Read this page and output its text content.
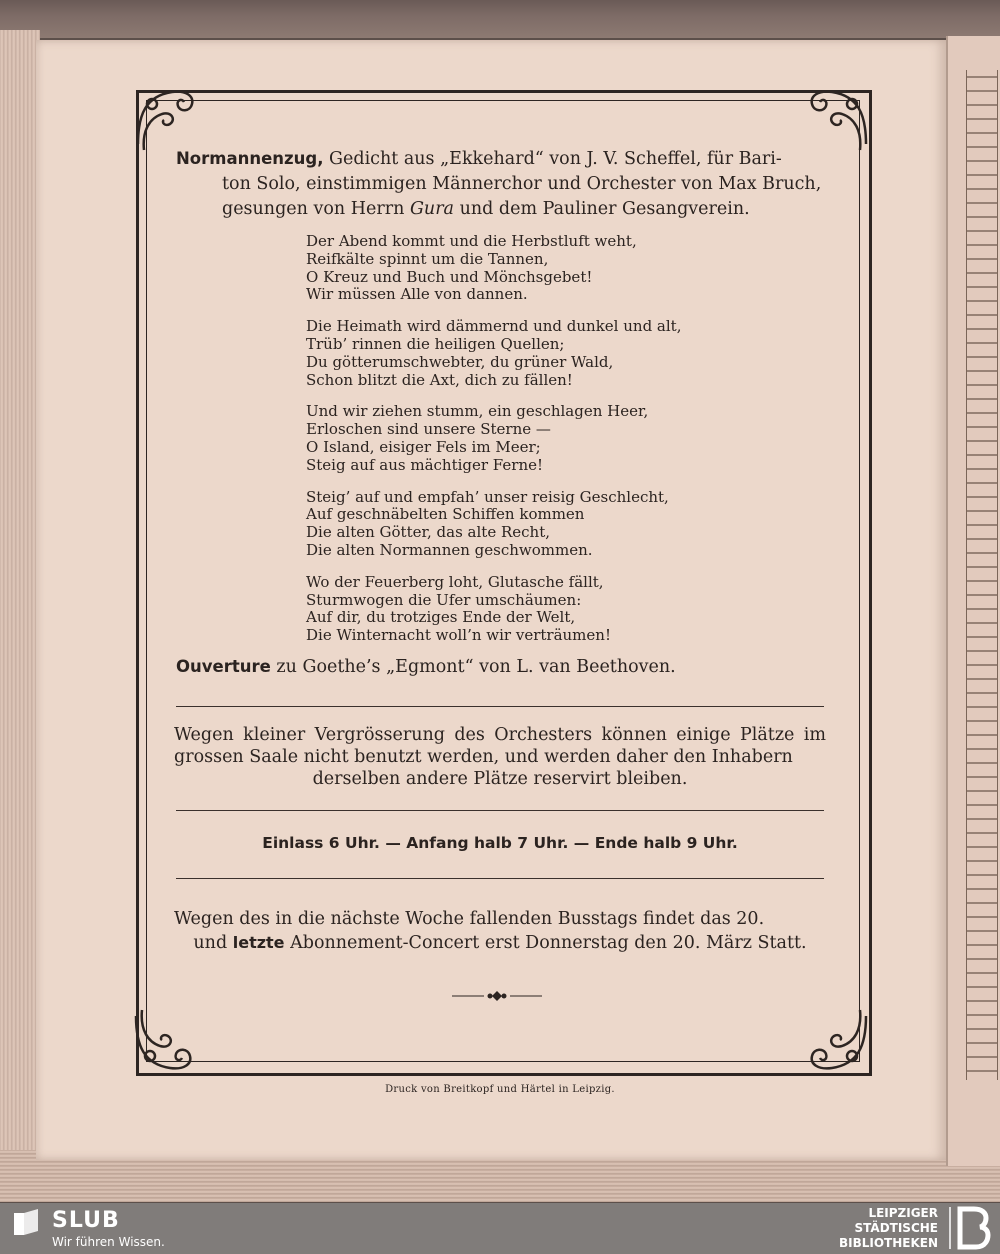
Normannenzug, Gedicht aus „Ekkehard“ von J. V. Scheffel, für Bari-
ton Solo, einstimmigen Männerchor und Orchester von Max Bruch,
gesungen von Herrn Gura und dem Pauliner Gesangverein.
Der Abend kommt und die Herbstluft weht,
Reifkälte spinnt um die Tannen,
O Kreuz und Buch und Mönchsgebet!
Wir müssen Alle von dannen.
Die Heimath wird dämmernd und dunkel und alt,
Trüb’ rinnen die heiligen Quellen;
Du götterumschwebter, du grüner Wald,
Schon blitzt die Axt, dich zu fällen!
Und wir ziehen stumm, ein geschlagen Heer,
Erloschen sind unsere Sterne —
O Island, eisiger Fels im Meer;
Steig auf aus mächtiger Ferne!
Steig’ auf und empfah’ unser reisig Geschlecht,
Auf geschnäbelten Schiffen kommen
Die alten Götter, das alte Recht,
Die alten Normannen geschwommen.
Wo der Feuerberg loht, Glutasche fällt,
Sturmwogen die Ufer umschäumen:
Auf dir, du trotziges Ende der Welt,
Die Winternacht woll’n wir verträumen!
Ouverture zu Goethe’s „Egmont“ von L. van Beethoven.
Wegen kleiner Vergrösserung des Orchesters können einige Plätze im grossen Saale nicht benutzt werden, und werden daher den Inhabern
derselben andere Plätze reservirt bleiben.
Einlass 6 Uhr. — Anfang halb 7 Uhr. — Ende halb 9 Uhr.
Wegen des in die nächste Woche fallenden Busstags findet das 20.
und letzte Abonnement-Concert erst Donnerstag den 20. März Statt.
Druck von Breitkopf und Härtel in Leipzig.
SLUB
Wir führen Wissen.
LEIPZIGER
STÄDTISCHE
BIBLIOTHEKEN
